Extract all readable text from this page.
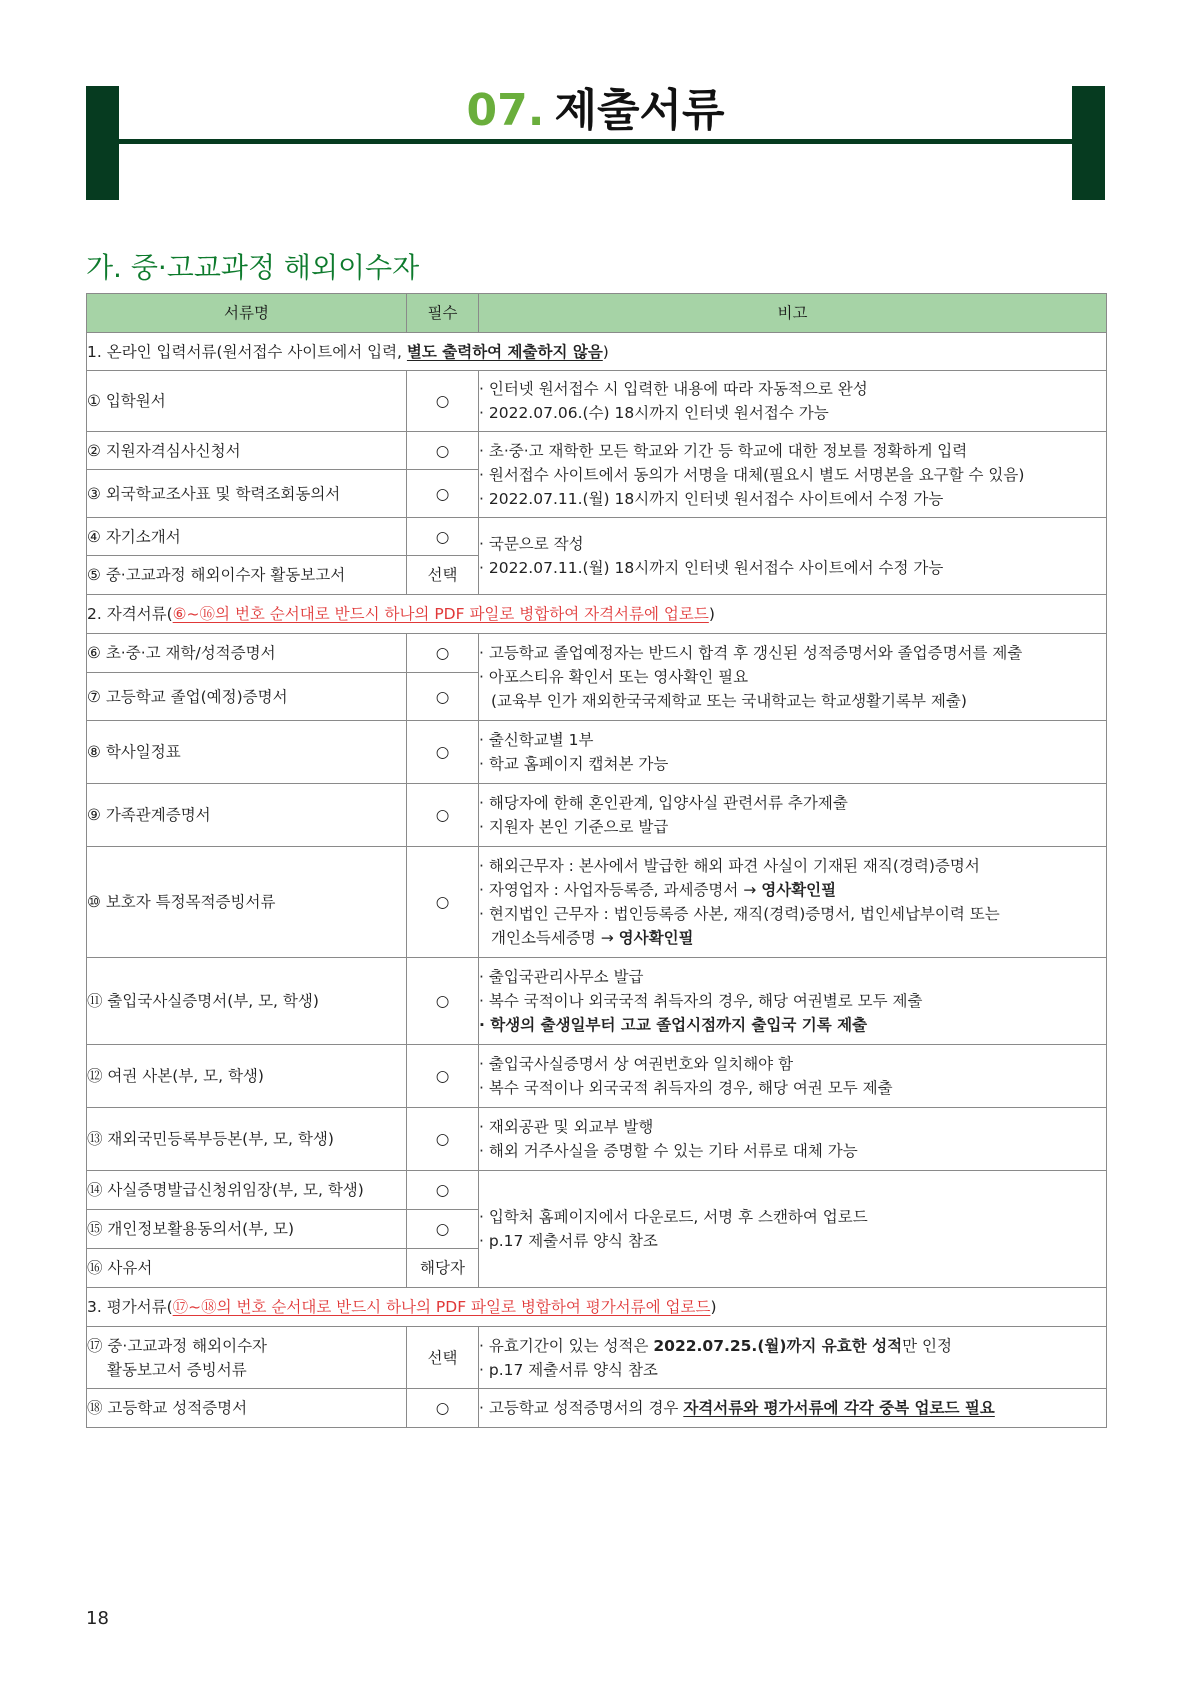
07. 제출서류
가. 중·고교과정 해외이수자
서류명	필수	비고
1. 온라인 입력서류(원서접수 사이트에서 입력, 별도 출력하여 제출하지 않음)		
① 입학원서	○	· 인터넷 원서접수 시 입력한 내용에 따라 자동적으로 완성
· 2022.07.06.(수) 18시까지 인터넷 원서접수 가능

② 지원자격심사신청서	○	· 초·중·고 재학한 모든 학교와 기간 등 학교에 대한 정보를 정확하게 입력
· 원서접수 사이트에서 동의가 서명을 대체(필요시 별도 서명본을 요구할 수 있음)
· 2022.07.11.(월) 18시까지 인터넷 원서접수 사이트에서 수정 가능

③ 외국학교조사표 및 학력조회동의서	○	
④ 자기소개서	○	· 국문으로 작성
· 2022.07.11.(월) 18시까지 인터넷 원서접수 사이트에서 수정 가능

⑤ 중·고교과정 해외이수자 활동보고서	선택	
2. 자격서류(⑥~⑯의 번호 순서대로 반드시 하나의 PDF 파일로 병합하여 자격서류에 업로드)		
⑥ 초·중·고 재학/성적증명서	○	· 고등학교 졸업예정자는 반드시 합격 후 갱신된 성적증명서와 졸업증명서를 제출
· 아포스티유 확인서 또는 영사확인 필요
(교육부 인가 재외한국국제학교 또는 국내학교는 학교생활기록부 제출)

⑦ 고등학교 졸업(예정)증명서	○	
⑧ 학사일정표	○	· 출신학교별 1부
· 학교 홈페이지 캡쳐본 가능

⑨ 가족관계증명서	○	· 해당자에 한해 혼인관계, 입양사실 관련서류 추가제출
· 지원자 본인 기준으로 발급

⑩ 보호자 특정목적증빙서류	○	· 해외근무자 : 본사에서 발급한 해외 파견 사실이 기재된 재직(경력)증명서
· 자영업자 : 사업자등록증, 과세증명서 → 영사확인필
· 현지법인 근무자 : 법인등록증 사본, 재직(경력)증명서, 법인세납부이력 또는
개인소득세증명 → 영사확인필

⑪ 출입국사실증명서(부, 모, 학생)	○	· 출입국관리사무소 발급
· 복수 국적이나 외국국적 취득자의 경우, 해당 여권별로 모두 제출
· 학생의 출생일부터 고교 졸업시점까지 출입국 기록 제출

⑫ 여권 사본(부, 모, 학생)	○	· 출입국사실증명서 상 여권번호와 일치해야 함
· 복수 국적이나 외국국적 취득자의 경우, 해당 여권 모두 제출

⑬ 재외국민등록부등본(부, 모, 학생)	○	· 재외공관 및 외교부 발행
· 해외 거주사실을 증명할 수 있는 기타 서류로 대체 가능

⑭ 사실증명발급신청위임장(부, 모, 학생)	○	· 입학처 홈페이지에서 다운로드, 서명 후 스캔하여 업로드
· p.17 제출서류 양식 참조

⑮ 개인정보활용동의서(부, 모)	○	
⑯ 사유서	해당자	
3. 평가서류(⑰~⑱의 번호 순서대로 반드시 하나의 PDF 파일로 병합하여 평가서류에 업로드)		

⑰ 중·고교과정 해외이수자
활동보고서 증빙서류	선택	· 유효기간이 있는 성적은 2022.07.25.(월)까지 유효한 성적만 인정
· p.17 제출서류 양식 참조

⑱ 고등학교 성적증명서	○	· 고등학교 성적증명서의 경우 자격서류와 평가서류에 각각 중복 업로드 필요
18
